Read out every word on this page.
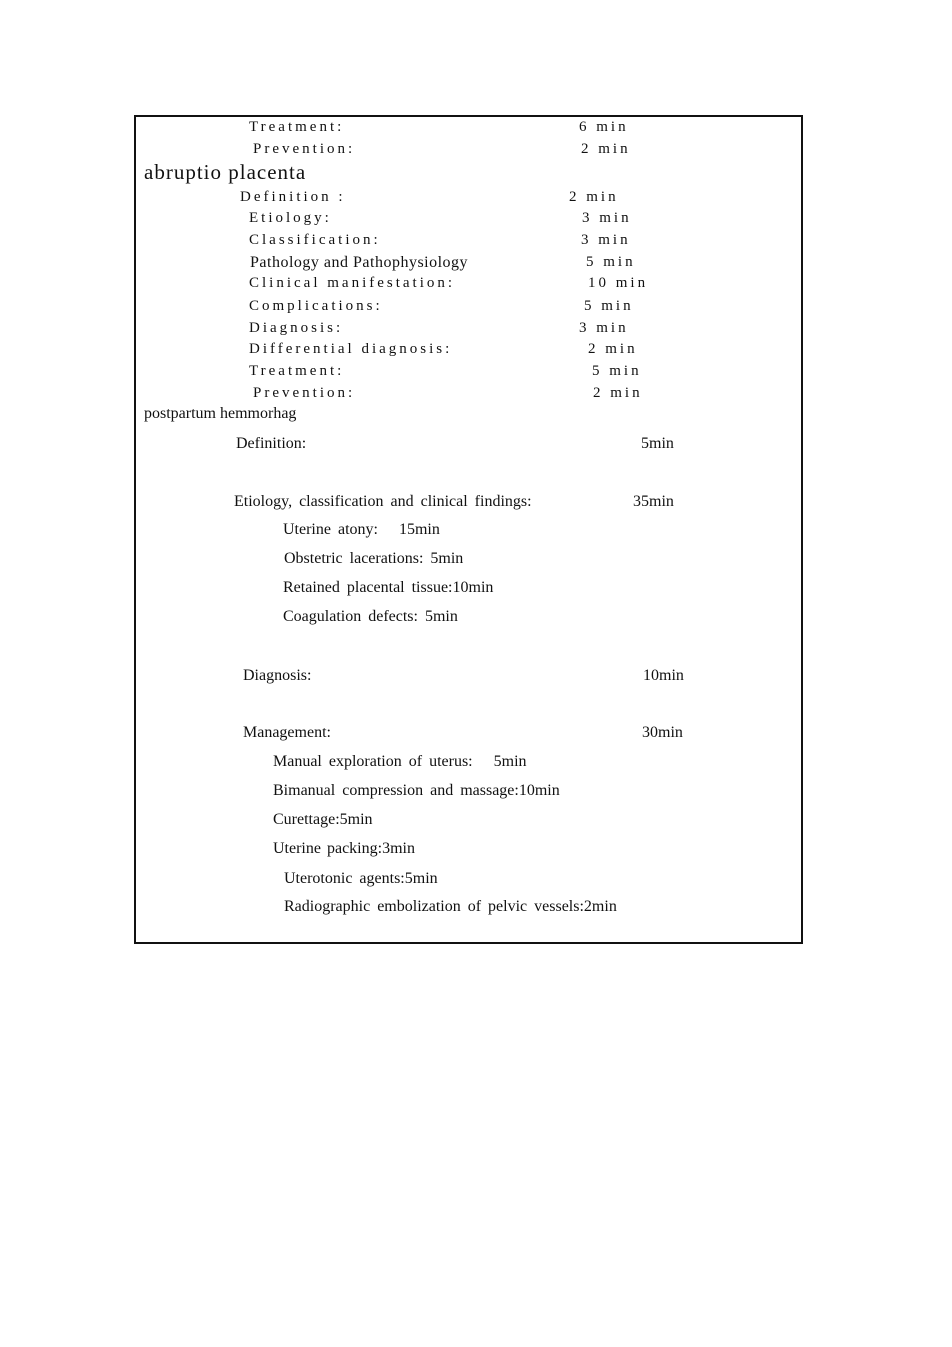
Treatment:	6 min
Prevention:	2 min
abruptio placenta
Definition :	2 min
Etiology:	3 min
Classification:	3 min
Pathology and Pathophysiology	5 min
Clinical manifestation:	10 min
Complications:	5 min
Diagnosis:	3 min
Differential diagnosis:	2 min
Treatment:	5 min
Prevention:	2 min
postpartum hemmorhag
Definition:	5min
Etiology, classification and clinical findings:	35min
Uterine atony:   15min
Obstetric lacerations: 5min
Retained placental tissue:10min
Coagulation defects: 5min
Diagnosis:	10min
Management:	30min
Manual exploration of uterus:   5min
Bimanual compression and massage:10min
Curettage:5min
Uterine packing:3min
Uterotonic agents:5min
Radiographic embolization of pelvic vessels:2min
